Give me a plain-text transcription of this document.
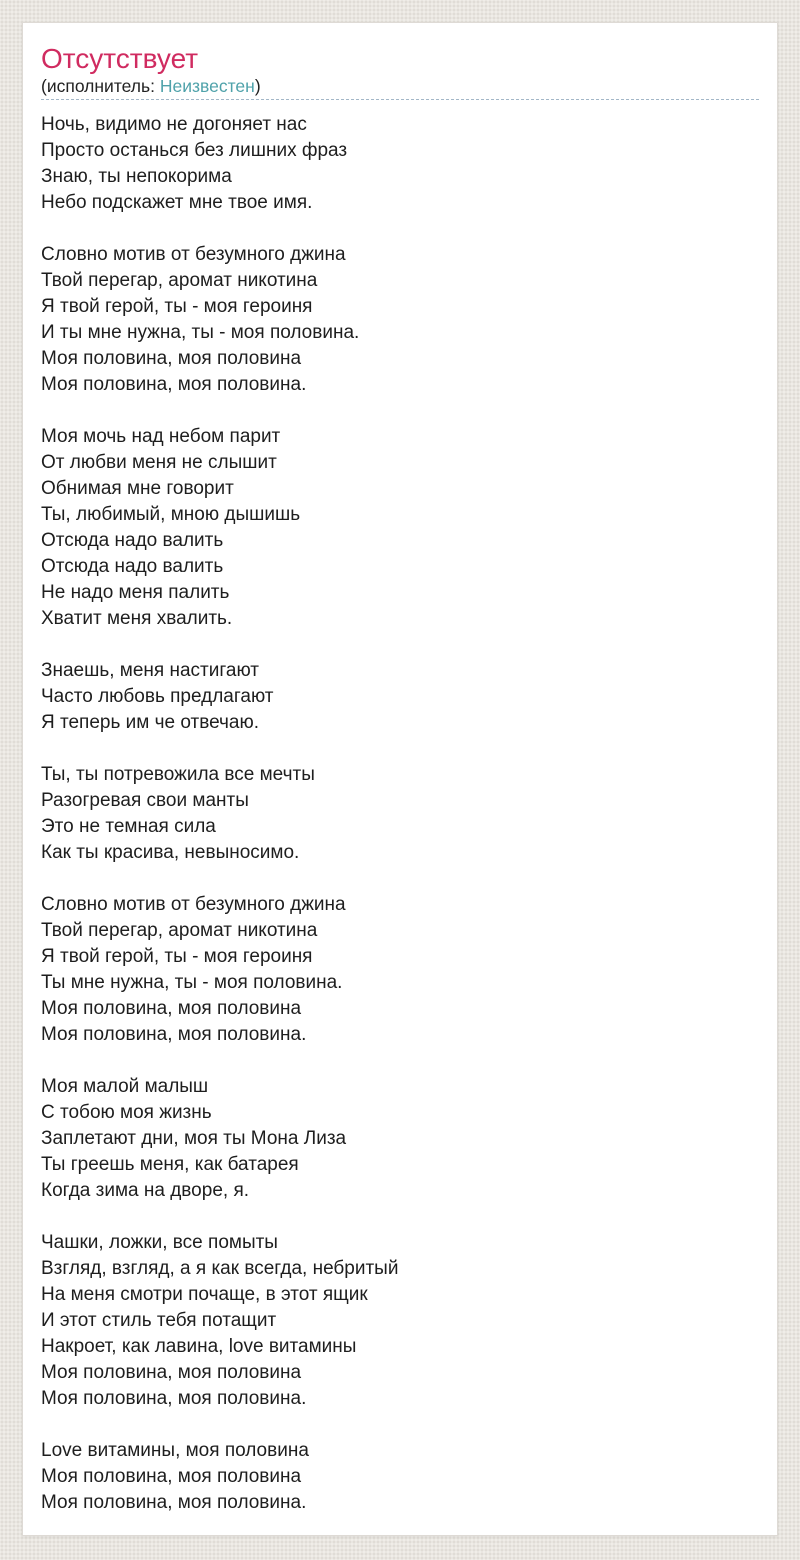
Отсутствует
(исполнитель: Неизвестен)

Ночь, видимо не догоняет нас
Просто останься без лишних фраз
Знаю, ты непокорима
Небо подскажет мне твое имя.

Словно мотив от безумного джина
Твой перегар, аромат никотина
Я твой герой, ты - моя героиня
И ты мне нужна, ты - моя половина.
Моя половина, моя половина
Моя половина, моя половина.

Моя мочь над небом парит
От любви меня не слышит
Обнимая мне говорит
Ты, любимый, мною дышишь
Отсюда надо валить
Отсюда надо валить
Не надо меня палить
Хватит меня хвалить.

Знаешь, меня настигают
Часто любовь предлагают
Я теперь им че отвечаю.

Ты, ты потревожила все мечты
Разогревая свои манты
Это не темная сила
Как ты красива, невыносимо.

Словно мотив от безумного джина
Твой перегар, аромат никотина
Я твой герой, ты - моя героиня
Ты мне нужна, ты - моя половина.
Моя половина, моя половина
Моя половина, моя половина.

Моя малой малыш
С тобою моя жизнь
Заплетают дни, моя ты Мона Лиза
Ты греешь меня, как батарея
Когда зима на дворе, я.

Чашки, ложки, все помыты
Взгляд, взгляд, а я как всегда, небритый
На меня смотри почаще, в этот ящик
И этот стиль тебя потащит
Накроет, как лавина, love витамины
Моя половина, моя половина
Моя половина, моя половина.

Love витамины, моя половина
Моя половина, моя половина
Моя половина, моя половина.
